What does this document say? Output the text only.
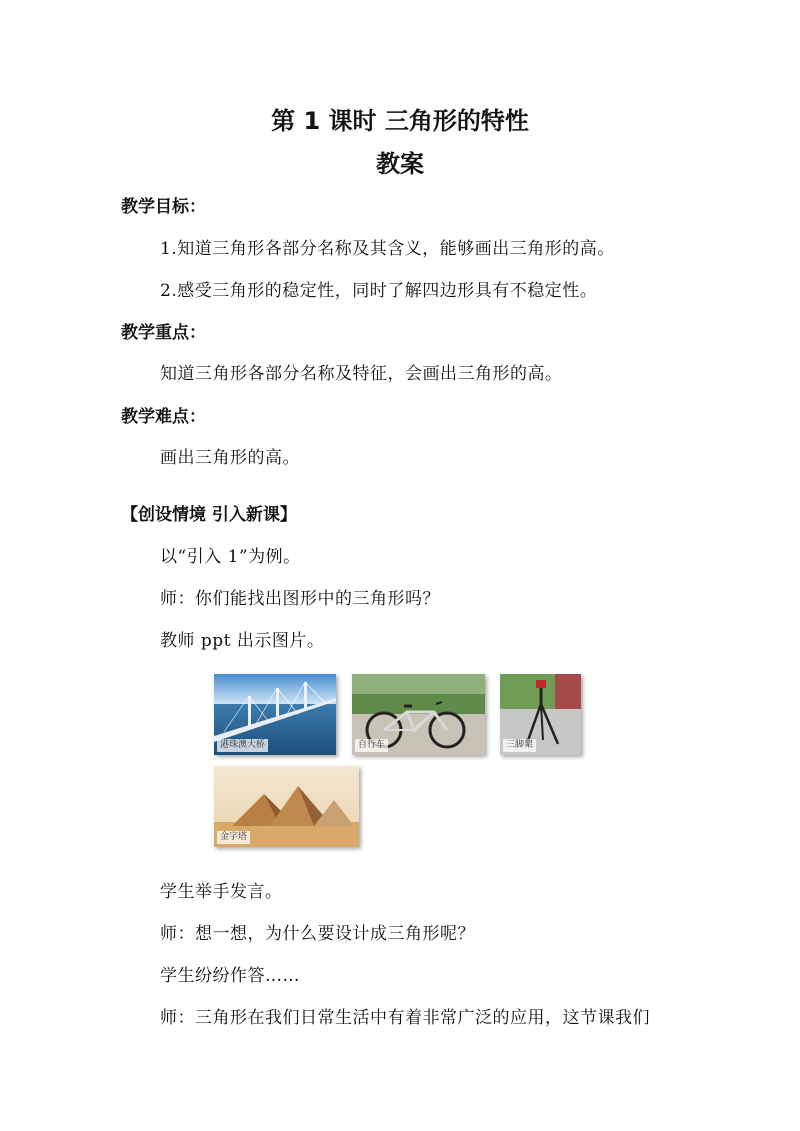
第 1 课时 三角形的特性
教案
教学目标：
1.知道三角形各部分名称及其含义，能够画出三角形的高。
2.感受三角形的稳定性，同时了解四边形具有不稳定性。
教学重点：
知道三角形各部分名称及特征，会画出三角形的高。
教学难点：
画出三角形的高。
【创设情境 引入新课】
以“引入 1”为例。
师：你们能找出图形中的三角形吗？
教师 ppt 出示图片。
港珠澳大桥	自行车	三脚架
金字塔
学生举手发言。
师：想一想，为什么要设计成三角形呢？
学生纷纷作答……
师：三角形在我们日常生活中有着非常广泛的应用，这节课我们
